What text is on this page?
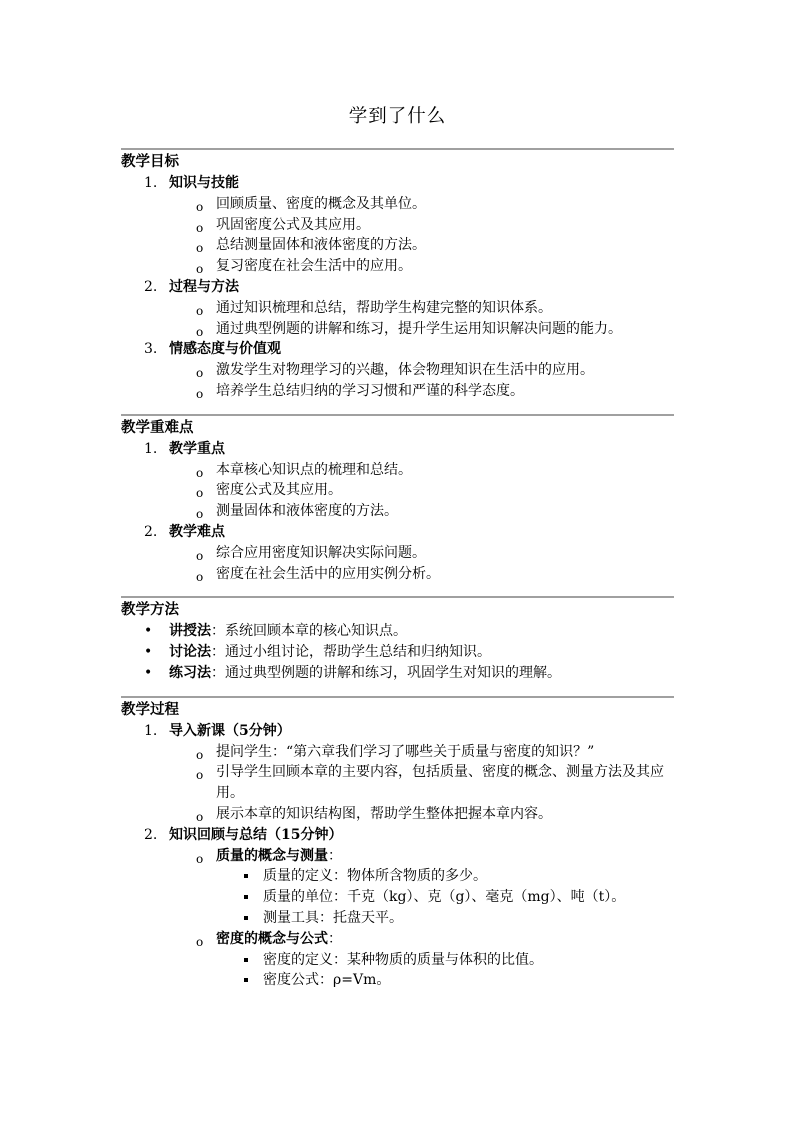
学到了什么
教学目标
1. 知识与技能
o 回顾质量、密度的概念及其单位。
o 巩固密度公式及其应用。
o 总结测量固体和液体密度的方法。
o 复习密度在社会生活中的应用。
2. 过程与方法
o 通过知识梳理和总结，帮助学生构建完整的知识体系。
o 通过典型例题的讲解和练习，提升学生运用知识解决问题的能力。
3. 情感态度与价值观
o 激发学生对物理学习的兴趣，体会物理知识在生活中的应用。
o 培养学生总结归纳的学习习惯和严谨的科学态度。
教学重难点
1. 教学重点
o 本章核心知识点的梳理和总结。
o 密度公式及其应用。
o 测量固体和液体密度的方法。
2. 教学难点
o 综合应用密度知识解决实际问题。
o 密度在社会生活中的应用实例分析。
教学方法
• 讲授法：系统回顾本章的核心知识点。
• 讨论法：通过小组讨论，帮助学生总结和归纳知识。
• 练习法：通过典型例题的讲解和练习，巩固学生对知识的理解。
教学过程
1. 导入新课（5分钟）
o 提问学生：“第六章我们学习了哪些关于质量与密度的知识？”
o 引导学生回顾本章的主要内容，包括质量、密度的概念、测量方法及其应用。
o 展示本章的知识结构图，帮助学生整体把握本章内容。
2. 知识回顾与总结（15分钟）
o 质量的概念与测量：
质量的定义：物体所含物质的多少。
质量的单位：千克（kg）、克（g）、毫克（mg）、吨（t）。
测量工具：托盘天平。
o 密度的概念与公式：
密度的定义：某种物质的质量与体积的比值。
密度公式：ρ=Vm。
